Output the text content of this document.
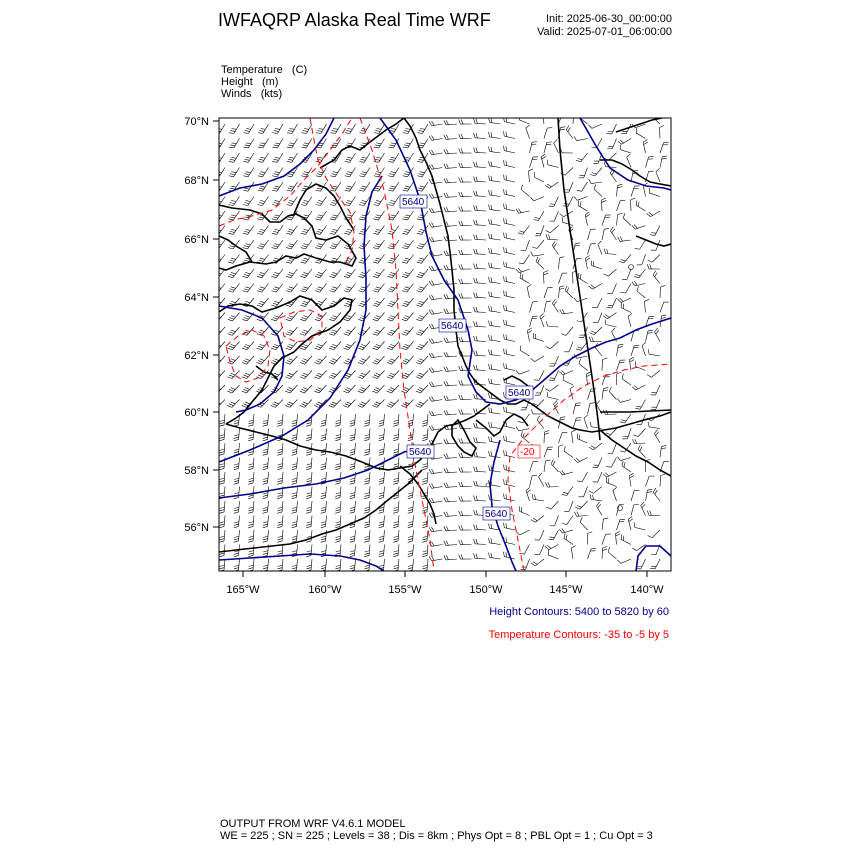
IWFAQRP Alaska Real Time WRF	Init: 2025-06-30_00:00:00
Valid: 2025-07-01_06:00:00
Temperature   (C)
Height   (m)
Winds   (kts)
5640
5640
5640
5640
5640
-20
70°N
68°N
66°N
64°N
62°N
60°N
58°N
56°N
165°W	160°W	155°W	150°W	145°W	140°W
Height Contours: 5400 to 5820 by 60
Temperature Contours: -35 to -5 by 5
OUTPUT FROM WRF V4.6.1 MODEL
WE = 225 ; SN = 225 ; Levels = 38 ; Dis = 8km ; Phys Opt = 8 ; PBL Opt = 1 ; Cu Opt = 3
